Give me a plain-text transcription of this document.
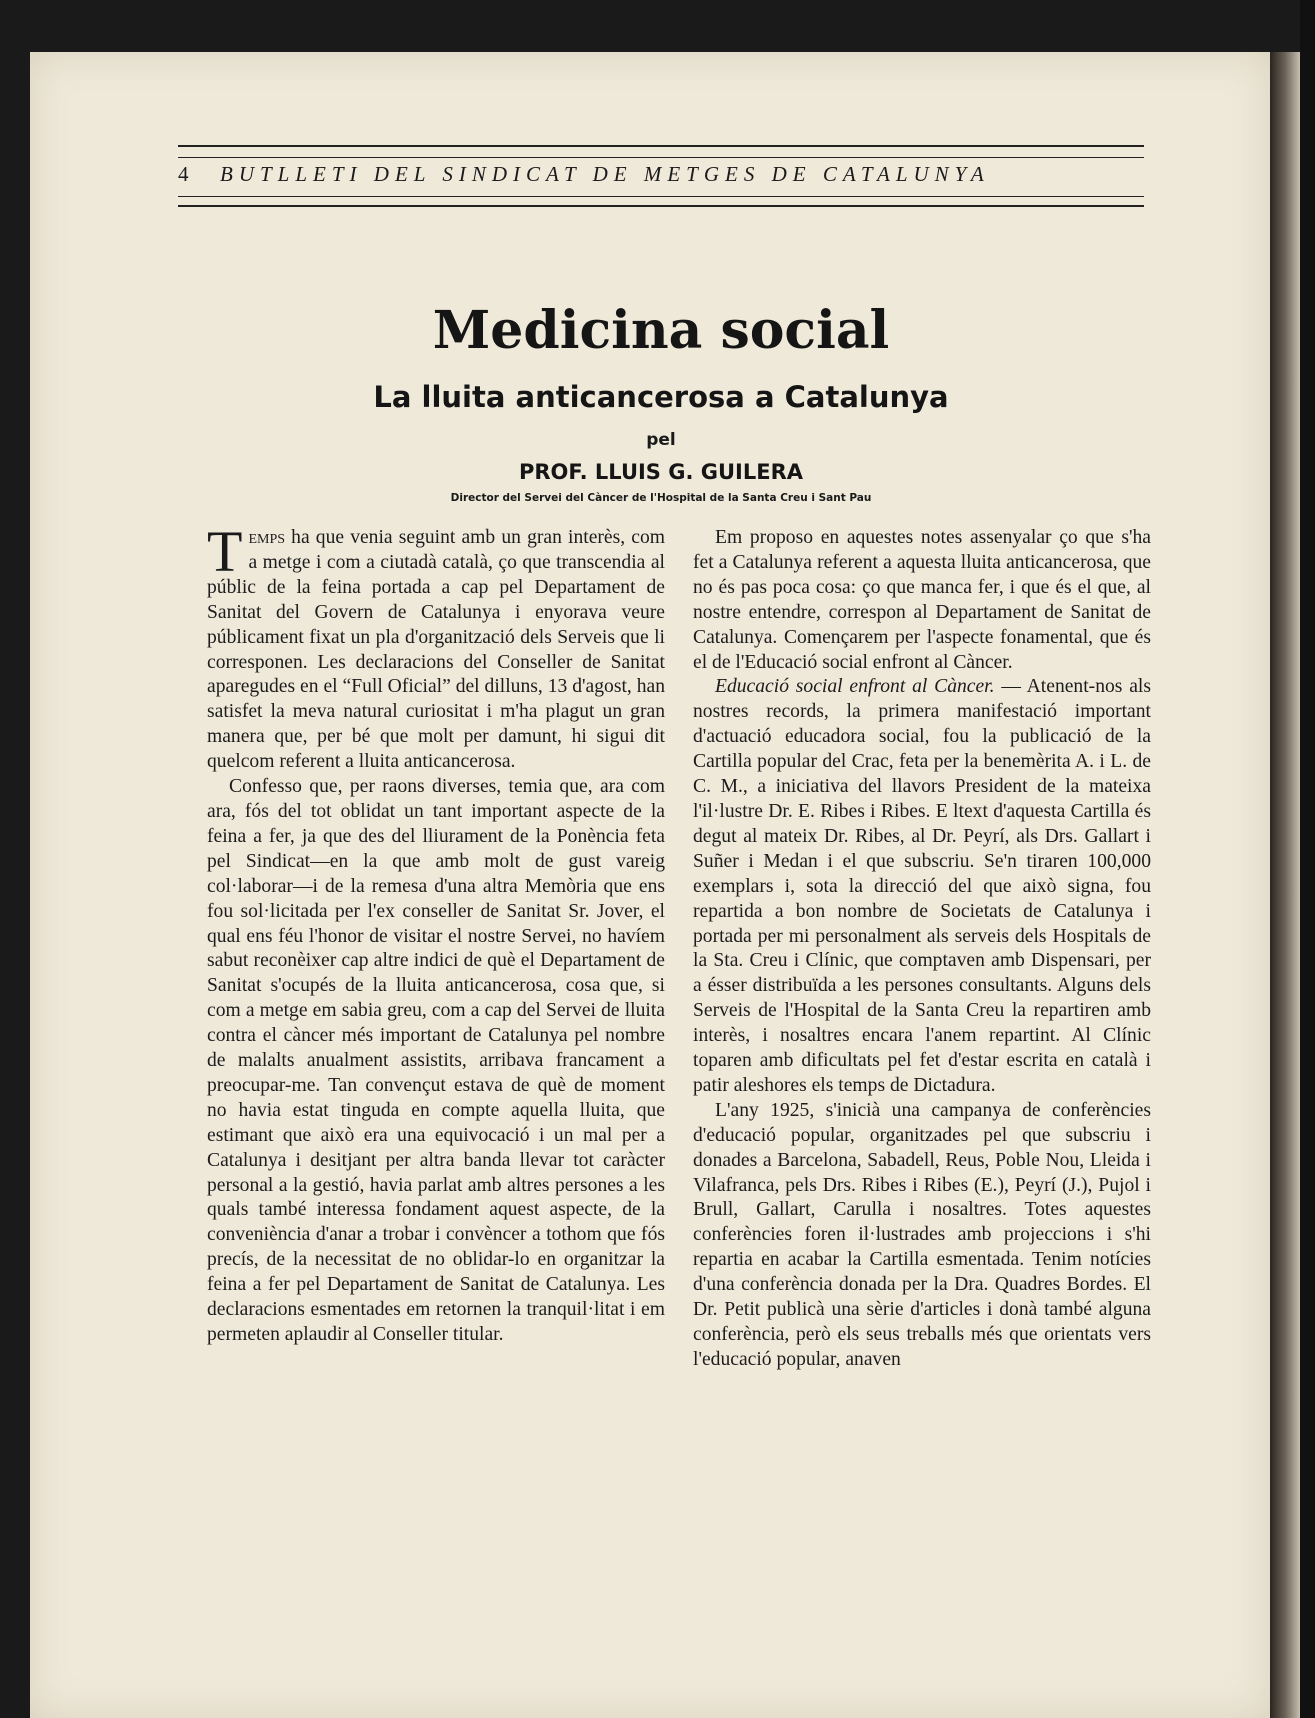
4	BUTLLETI DEL SINDICAT DE METGES DE CATALUNYA
Medicina social
La lluita anticancerosa a Catalunya
pel
PROF. LLUIS G. GUILERA
Director del Servei del Càncer de l'Hospital de la Santa Creu i Sant Pau

Temps ha que venia seguint amb un gran interès, com a metge i com a ciutadà català, ço que transcendia al públic de la feina portada a cap pel Departament de Sanitat del Govern de Catalunya i enyorava veure públicament fixat un pla d'organització dels Serveis que li corresponen. Les declaracions del Conseller de Sanitat aparegudes en el “Full Oficial” del dilluns, 13 d'agost, han satisfet la meva natural curiositat i m'ha plagut un gran manera que, per bé que molt per damunt, hi sigui dit quelcom referent a lluita anticancerosa.

Confesso que, per raons diverses, temia que, ara com ara, fós del tot oblidat un tant important aspecte de la feina a fer, ja que des del lliurament de la Ponència feta pel Sindicat—en la que amb molt de gust vareig col·laborar—i de la remesa d'una altra Memòria que ens fou sol·licitada per l'ex conseller de Sanitat Sr. Jover, el qual ens féu l'honor de visitar el nostre Servei, no havíem sabut reconèixer cap altre indici de què el Departament de Sanitat s'ocupés de la lluita anticancerosa, cosa que, si com a metge em sabia greu, com a cap del Servei de lluita contra el càncer més important de Catalunya pel nombre de malalts anualment assistits, arribava francament a preocupar-me. Tan convençut estava de què de moment no havia estat tinguda en compte aquella lluita, que estimant que això era una equivocació i un mal per a Catalunya i desitjant per altra banda llevar tot caràcter personal a la gestió, havia parlat amb altres persones a les quals també interessa fondament aquest aspecte, de la conveniència d'anar a trobar i convèncer a tothom que fós precís, de la necessitat de no oblidar-lo en organitzar la feina a fer pel Departament de Sanitat de Catalunya. Les declaracions esmentades em retornen la tranquil·litat i em permeten aplaudir al Conseller titular.

Em proposo en aquestes notes assenyalar ço que s'ha fet a Catalunya referent a aquesta lluita anticancerosa, que no és pas poca cosa: ço que manca fer, i que és el que, al nostre entendre, correspon al Departament de Sanitat de Catalunya. Començarem per l'aspecte fonamental, que és el de l'Educació social enfront al Càncer.

Educació social enfront al Càncer. — Atenent-nos als nostres records, la primera manifestació important d'actuació educadora social, fou la publicació de la Cartilla popular del Crac, feta per la benemèrita A. i L. de C. M., a iniciativa del llavors President de la mateixa l'il·lustre Dr. E. Ribes i Ribes. E ltext d'aquesta Cartilla és degut al mateix Dr. Ribes, al Dr. Peyrí, als Drs. Gallart i Suñer i Medan i el que subscriu. Se'n tiraren 100,000 exemplars i, sota la direcció del que això signa, fou repartida a bon nombre de Societats de Catalunya i portada per mi personalment als serveis dels Hospitals de la Sta. Creu i Clínic, que comptaven amb Dispensari, per a ésser distribuïda a les persones consultants. Alguns dels Serveis de l'Hospital de la Santa Creu la repartiren amb interès, i nosaltres encara l'anem repartint. Al Clínic toparen amb dificultats pel fet d'estar escrita en català i patir aleshores els temps de Dictadura.

L'any 1925, s'inicià una campanya de conferències d'educació popular, organitzades pel que subscriu i donades a Barcelona, Sabadell, Reus, Poble Nou, Lleida i Vilafranca, pels Drs. Ribes i Ribes (E.), Peyrí (J.), Pujol i Brull, Gallart, Carulla i nosaltres. Totes aquestes conferències foren il·lustrades amb projeccions i s'hi repartia en acabar la Cartilla esmentada. Tenim notícies d'una conferència donada per la Dra. Quadres Bordes. El Dr. Petit publicà una sèrie d'articles i donà també alguna conferència, però els seus treballs més que orientats vers l'educació popular, anaven
